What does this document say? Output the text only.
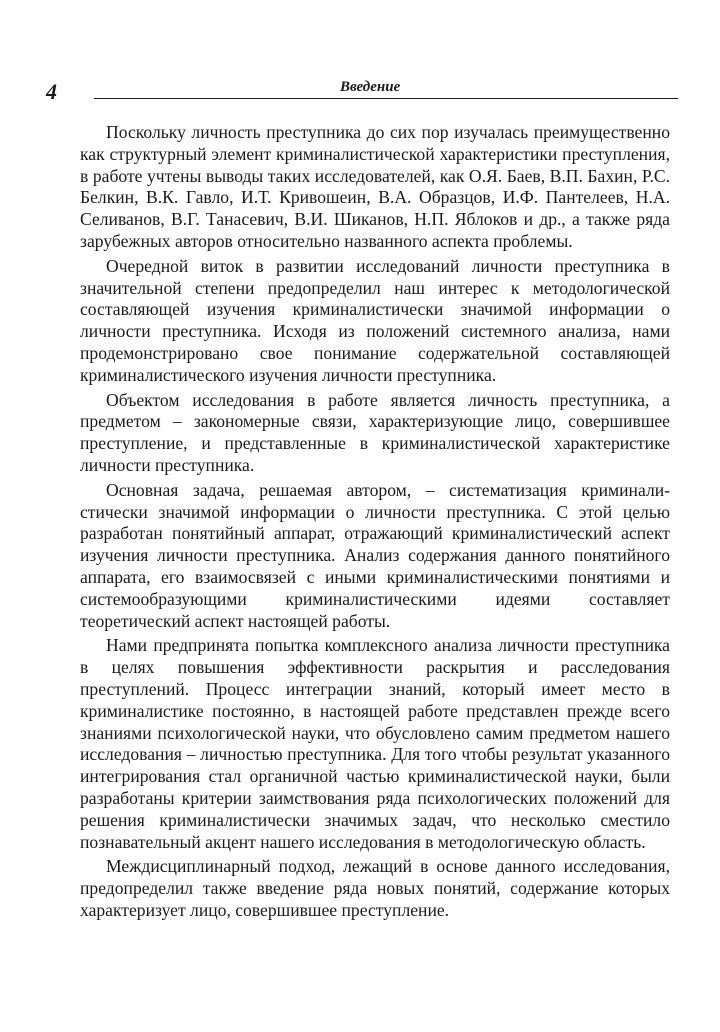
4	Введение

Поскольку личность преступника до сих пор изучалась преимущественно как структурный элемент криминалистической характеристики преступления, в работе учтены выводы таких исследователей, как О.Я. Баев, В.П. Бахин, Р.С. Белкин, В.К. Гавло, И.Т. Кривошеин, В.А. Образцов, И.Ф. Пантелеев, Н.А. Селиванов, В.Г. Танасевич, В.И. Шиканов, Н.П. Яблоков и др., а также ряда зарубежных авторов относительно названного аспекта проблемы.

Очередной виток в развитии исследований личности преступника в значительной степени предопределил наш интерес к методологической составляющей изучения криминалистически значимой информации о личности преступника. Исходя из положений системного анализа, нами продемонстрировано свое понимание содержательной составляющей криминалистического изучения личности преступника.

Объектом исследования в работе является личность преступника, а предметом – закономерные связи, характеризующие лицо, совершившее преступление, и представленные в криминалистической характеристике личности преступника.

Основная задача, решаемая автором, – систематизация криминалистически значимой информации о личности преступника. С этой целью разработан понятийный аппарат, отражающий криминалистический аспект изучения личности преступника. Анализ содержания данного понятийного аппарата, его взаимосвязей с иными криминалистическими понятиями и системообразующими криминалистическими идеями составляет теоретический аспект настоящей работы.

Нами предпринята попытка комплексного анализа личности преступника в целях повышения эффективности раскрытия и расследования преступлений. Процесс интеграции знаний, который имеет место в криминалистике постоянно, в настоящей работе представлен прежде всего знаниями психологической науки, что обусловлено самим предметом нашего исследования – личностью преступника. Для того чтобы результат указанного интегрирования стал органичной частью криминалистической науки, были разработаны критерии заимствования ряда психологических положений для решения криминалистически значимых задач, что несколько сместило познавательный акцент нашего исследования в методологическую область.

Междисциплинарный подход, лежащий в основе данного исследования, предопределил также введение ряда новых понятий, содержание которых характеризует лицо, совершившее преступление.
